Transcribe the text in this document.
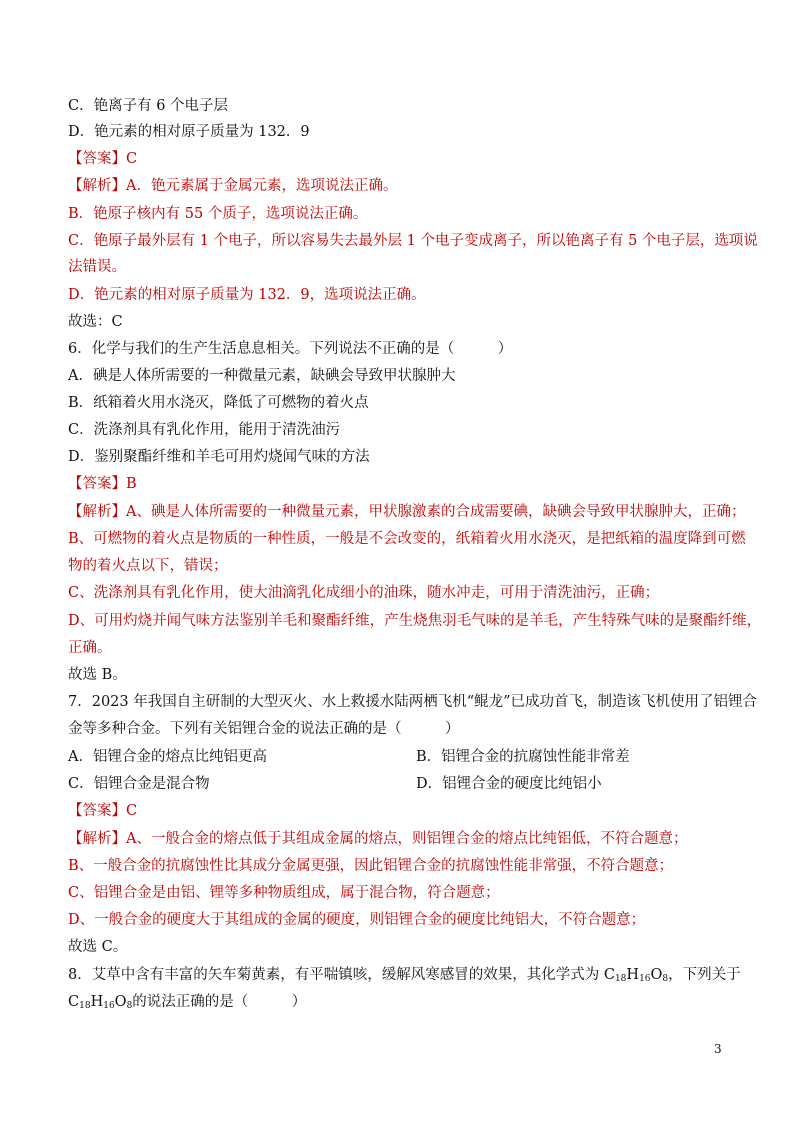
C．铯离子有 6 个电子层
D．铯元素的相对原子质量为 132．9
【答案】C
【解析】A．铯元素属于金属元素，选项说法正确。
B．铯原子核内有 55 个质子，选项说法正确。
C．铯原子最外层有 1 个电子，所以容易失去最外层 1 个电子变成离子，所以铯离子有 5 个电子层，选项说
法错误。
D．铯元素的相对原子质量为 132．9，选项说法正确。
故选：C
6．化学与我们的生产生活息息相关。下列说法不正确的是（　　　）
A．碘是人体所需要的一种微量元素，缺碘会导致甲状腺肿大
B．纸箱着火用水浇灭，降低了可燃物的着火点
C．洗涤剂具有乳化作用，能用于清洗油污
D．鉴别聚酯纤维和羊毛可用灼烧闻气味的方法
【答案】B
【解析】A、碘是人体所需要的一种微量元素，甲状腺激素的合成需要碘，缺碘会导致甲状腺肿大，正确；
B、可燃物的着火点是物质的一种性质，一般是不会改变的，纸箱着火用水浇灭，是把纸箱的温度降到可燃
物的着火点以下，错误；
C、洗涤剂具有乳化作用，使大油滴乳化成细小的油珠，随水冲走，可用于清洗油污，正确；
D、可用灼烧并闻气味方法鉴别羊毛和聚酯纤维，产生烧焦羽毛气味的是羊毛，产生特殊气味的是聚酯纤维，
正确。
故选 B。
7．2023 年我国自主研制的大型灭火、水上救援水陆两栖飞机“鲲龙”已成功首飞，制造该飞机使用了铝锂合
金等多种合金。下列有关铝锂合金的说法正确的是（　　　）
A．铝锂合金的熔点比纯铝更高	B．铝锂合金的抗腐蚀性能非常差
C．铝锂合金是混合物	D．铝锂合金的硬度比纯铝小
【答案】C
【解析】A、一般合金的熔点低于其组成金属的熔点，则铝锂合金的熔点比纯铝低，不符合题意；
B、一般合金的抗腐蚀性比其成分金属更强，因此铝锂合金的抗腐蚀性能非常强，不符合题意；
C、铝锂合金是由铝、锂等多种物质组成，属于混合物，符合题意；
D、一般合金的硬度大于其组成的金属的硬度，则铝锂合金的硬度比纯铝大，不符合题意；
故选 C。
8．艾草中含有丰富的矢车菊黄素，有平喘镇咳，缓解风寒感冒的效果，其化学式为 $C_{18}H_{16}O_8$，下列关于
$C_{18}H_{16}O_8$的说法正确的是（　　　）
3
